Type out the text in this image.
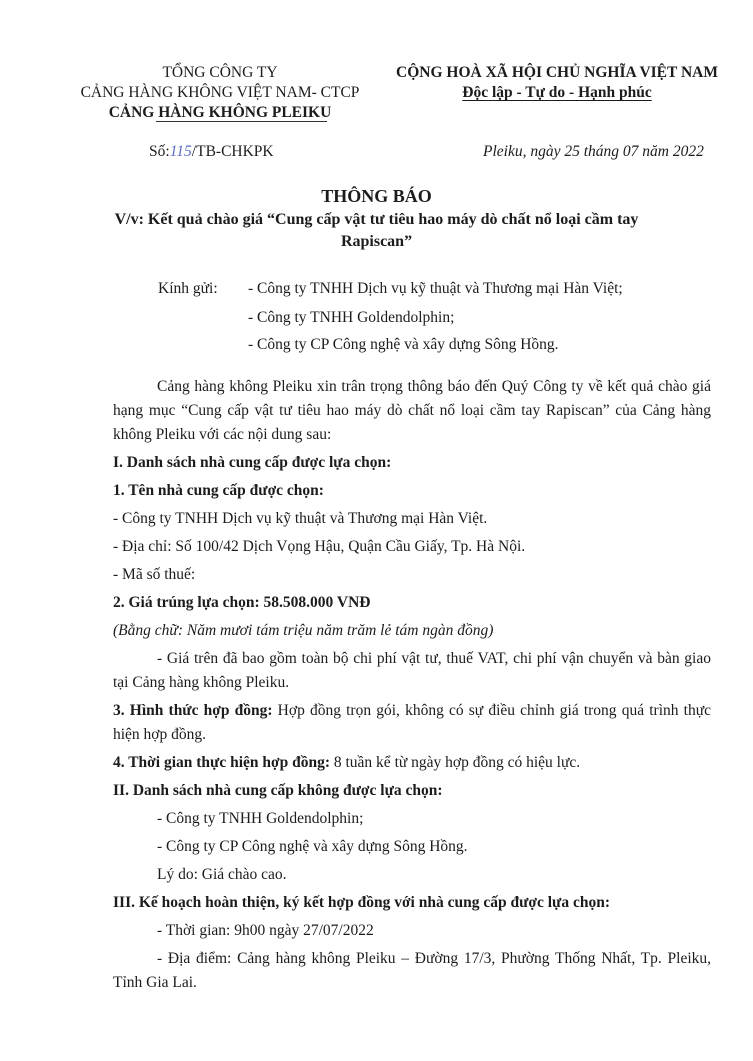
TỔNG CÔNG TY
CẢNG HÀNG KHÔNG VIỆT NAM- CTCP
CẢNG HÀNG KHÔNG PLEIKU
CỘNG HOÀ XÃ HỘI CHỦ NGHĨA VIỆT NAM
Độc lập - Tự do - Hạnh phúc
Số:115/TB-CHKPK	Pleiku, ngày 25 tháng 07 năm 2022
THÔNG BÁO
V/v: Kết quả chào giá “Cung cấp vật tư tiêu hao máy dò chất nổ loại cầm tay
Rapiscan”
Kính gửi: - Công ty TNHH Dịch vụ kỹ thuật và Thương mại Hàn Việt;
- Công ty TNHH Goldendolphin;
- Công ty CP Công nghệ và xây dựng Sông Hồng.

Cảng hàng không Pleiku xin trân trọng thông báo đến Quý Công ty về kết quả chào giá hạng mục “Cung cấp vật tư tiêu hao máy dò chất nổ loại cầm tay Rapiscan” của Cảng hàng không Pleiku với các nội dung sau:

I. Danh sách nhà cung cấp được lựa chọn:

1. Tên nhà cung cấp được chọn:

- Công ty TNHH Dịch vụ kỹ thuật và Thương mại Hàn Việt.

- Địa chỉ: Số 100/42 Dịch Vọng Hậu, Quận Cầu Giấy, Tp. Hà Nội.

- Mã số thuế:

2. Giá trúng lựa chọn: 58.508.000 VNĐ

(Bằng chữ: Năm mươi tám triệu năm trăm lẻ tám ngàn đồng)

- Giá trên đã bao gồm toàn bộ chi phí vật tư, thuế VAT, chi phí vận chuyển và bàn giao tại Cảng hàng không Pleiku.

3. Hình thức hợp đồng: Hợp đồng trọn gói, không có sự điều chỉnh giá trong quá trình thực hiện hợp đồng.

4. Thời gian thực hiện hợp đồng: 8 tuần kể từ ngày hợp đồng có hiệu lực.

II. Danh sách nhà cung cấp không được lựa chọn:

- Công ty TNHH Goldendolphin;

- Công ty CP Công nghệ và xây dựng Sông Hồng.

Lý do: Giá chào cao.

III. Kế hoạch hoàn thiện, ký kết hợp đồng với nhà cung cấp được lựa chọn:

- Thời gian: 9h00 ngày 27/07/2022

- Địa điểm: Cảng hàng không Pleiku – Đường 17/3, Phường Thống Nhất, Tp. Pleiku, Tỉnh Gia Lai.
